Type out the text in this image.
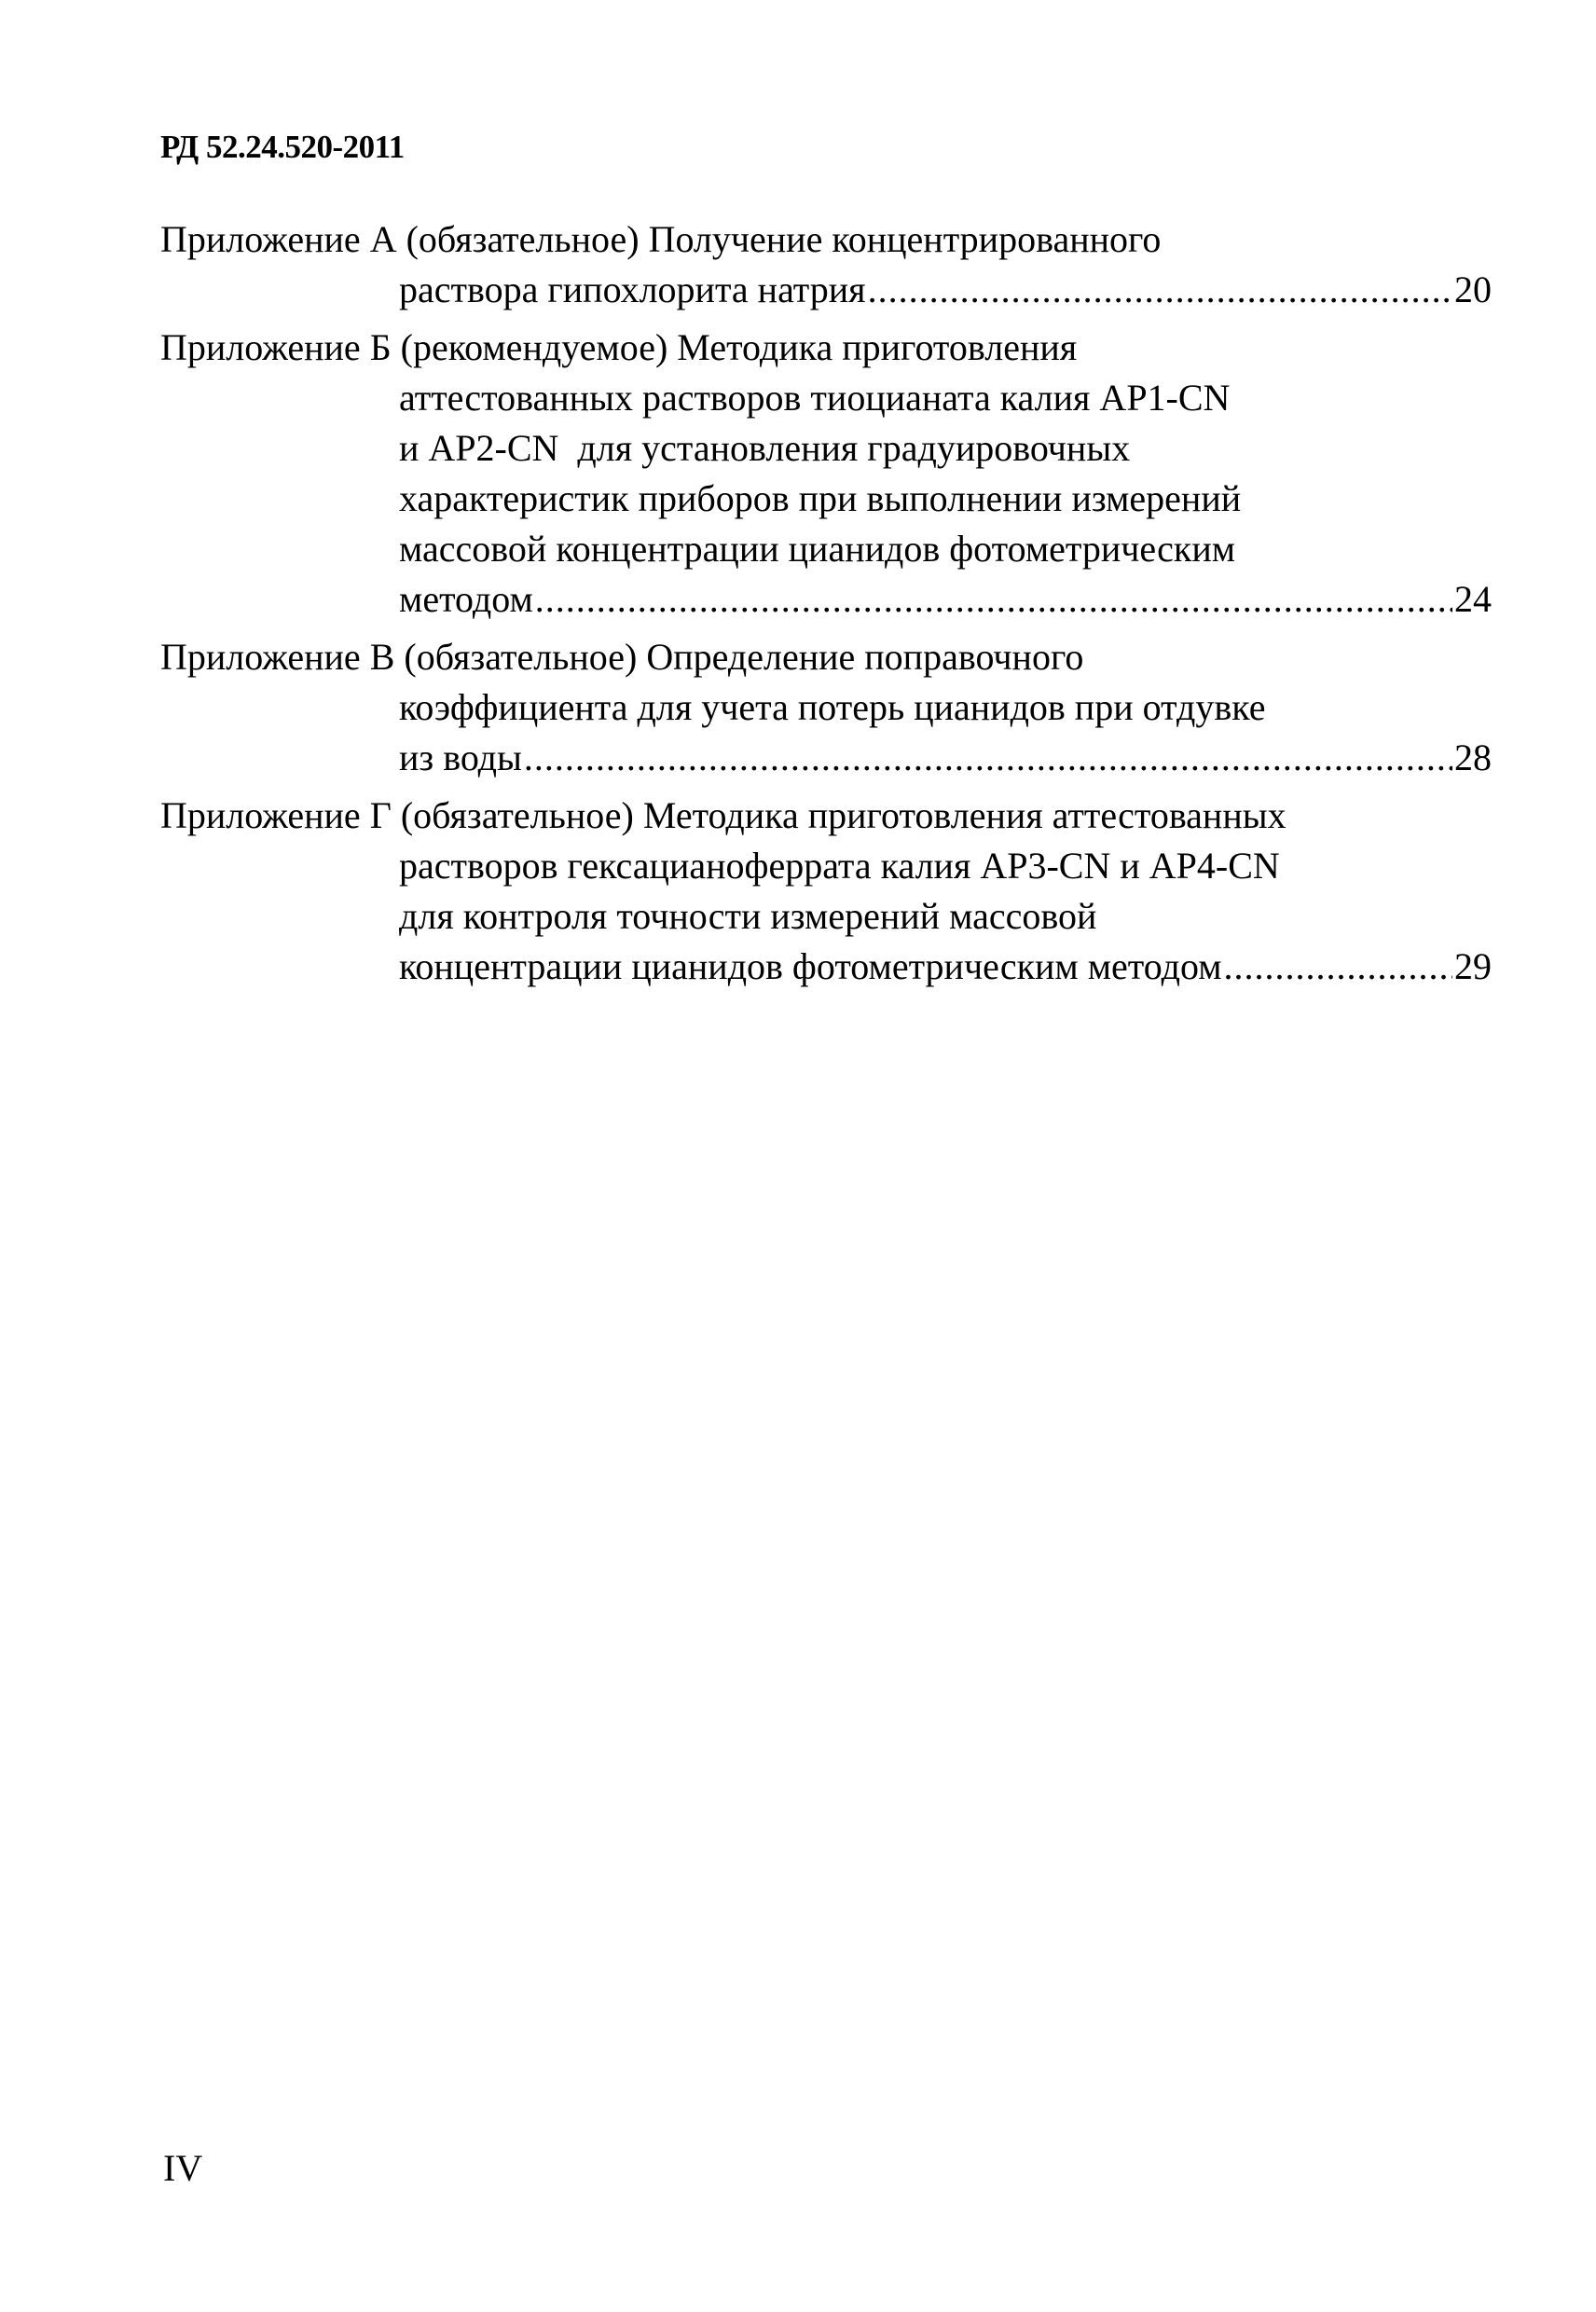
РД 52.24.520-2011
Приложение А (обязательное) Получение концентрированного
раствора гипохлорита натрия .....	20
Приложение Б (рекомендуемое) Методика приготовления
аттестованных растворов тиоцианата калия АР1-CN
и АР2-CN  для установления градуировочных
характеристик приборов при выполнении измерений
массовой концентрации цианидов фотометрическим
методом .....	24
Приложение В (обязательное) Определение поправочного
коэффициента для учета потерь цианидов при отдувке
из воды .....	28
Приложение Г (обязательное) Методика приготовления аттестованных
растворов гексацианоферрата калия АР3-CN и АР4-CN
для контроля точности измерений массовой
концентрации цианидов фотометрическим методом .....	29
IV
